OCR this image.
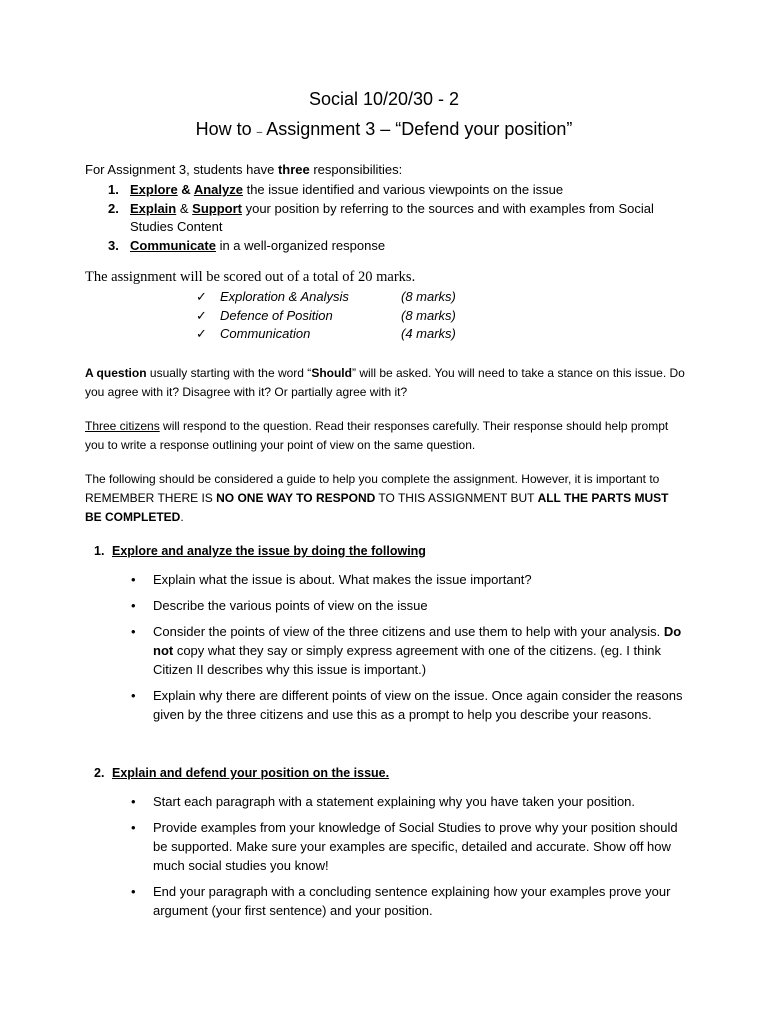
Social 10/20/30 - 2
How to – Assignment 3 – “Defend your position”
For Assignment 3, students have three responsibilities:
1. Explore & Analyze the issue identified and various viewpoints on the issue
2. Explain & Support your position by referring to the sources and with examples from Social Studies Content
3. Communicate in a well-organized response
The assignment will be scored out of a total of 20 marks.
✓ Exploration & Analysis	(8 marks)
✓ Defence of Position	(8 marks)
✓ Communication	(4 marks)
A question usually starting with the word “Should” will be asked. You will need to take a stance on this issue. Do you agree with it? Disagree with it? Or partially agree with it?
Three citizens will respond to the question. Read their responses carefully. Their response should help prompt you to write a response outlining your point of view on the same question.
The following should be considered a guide to help you complete the assignment. However, it is important to REMEMBER THERE IS NO ONE WAY TO RESPOND TO THIS ASSIGNMENT BUT ALL THE PARTS MUST BE COMPLETED.
1. Explore and analyze the issue by doing the following
• Explain what the issue is about. What makes the issue important?
• Describe the various points of view on the issue
• Consider the points of view of the three citizens and use them to help with your analysis. Do not copy what they say or simply express agreement with one of the citizens. (eg. I think Citizen II describes why this issue is important.)
• Explain why there are different points of view on the issue. Once again consider the reasons given by the three citizens and use this as a prompt to help you describe your reasons.
2. Explain and defend your position on the issue.
• Start each paragraph with a statement explaining why you have taken your position.
• Provide examples from your knowledge of Social Studies to prove why your position should be supported. Make sure your examples are specific, detailed and accurate. Show off how much social studies you know!
• End your paragraph with a concluding sentence explaining how your examples prove your argument (your first sentence) and your position.
